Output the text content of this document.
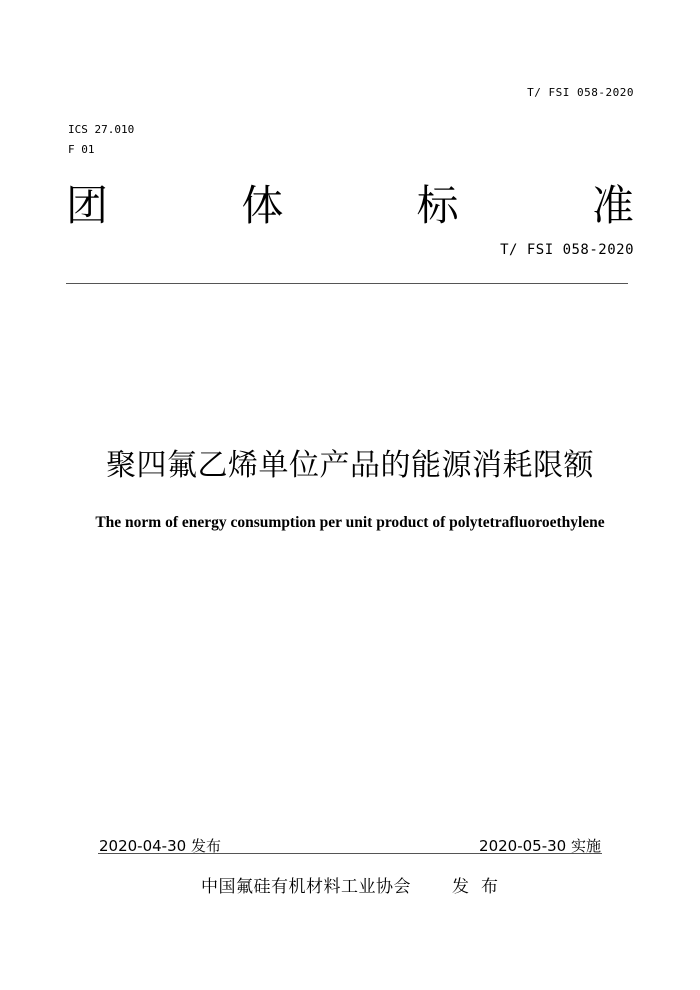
T/ FSI 058-2020
ICS 27.010
F 01
团	体	标	准
T/ FSI 058-2020
聚四氟乙烯单位产品的能源消耗限额
The norm of energy consumption per unit product of polytetrafluoroethylene
2020-04-30 发布	2020-05-30 实施
中国氟硅有机材料工业协会 发布
